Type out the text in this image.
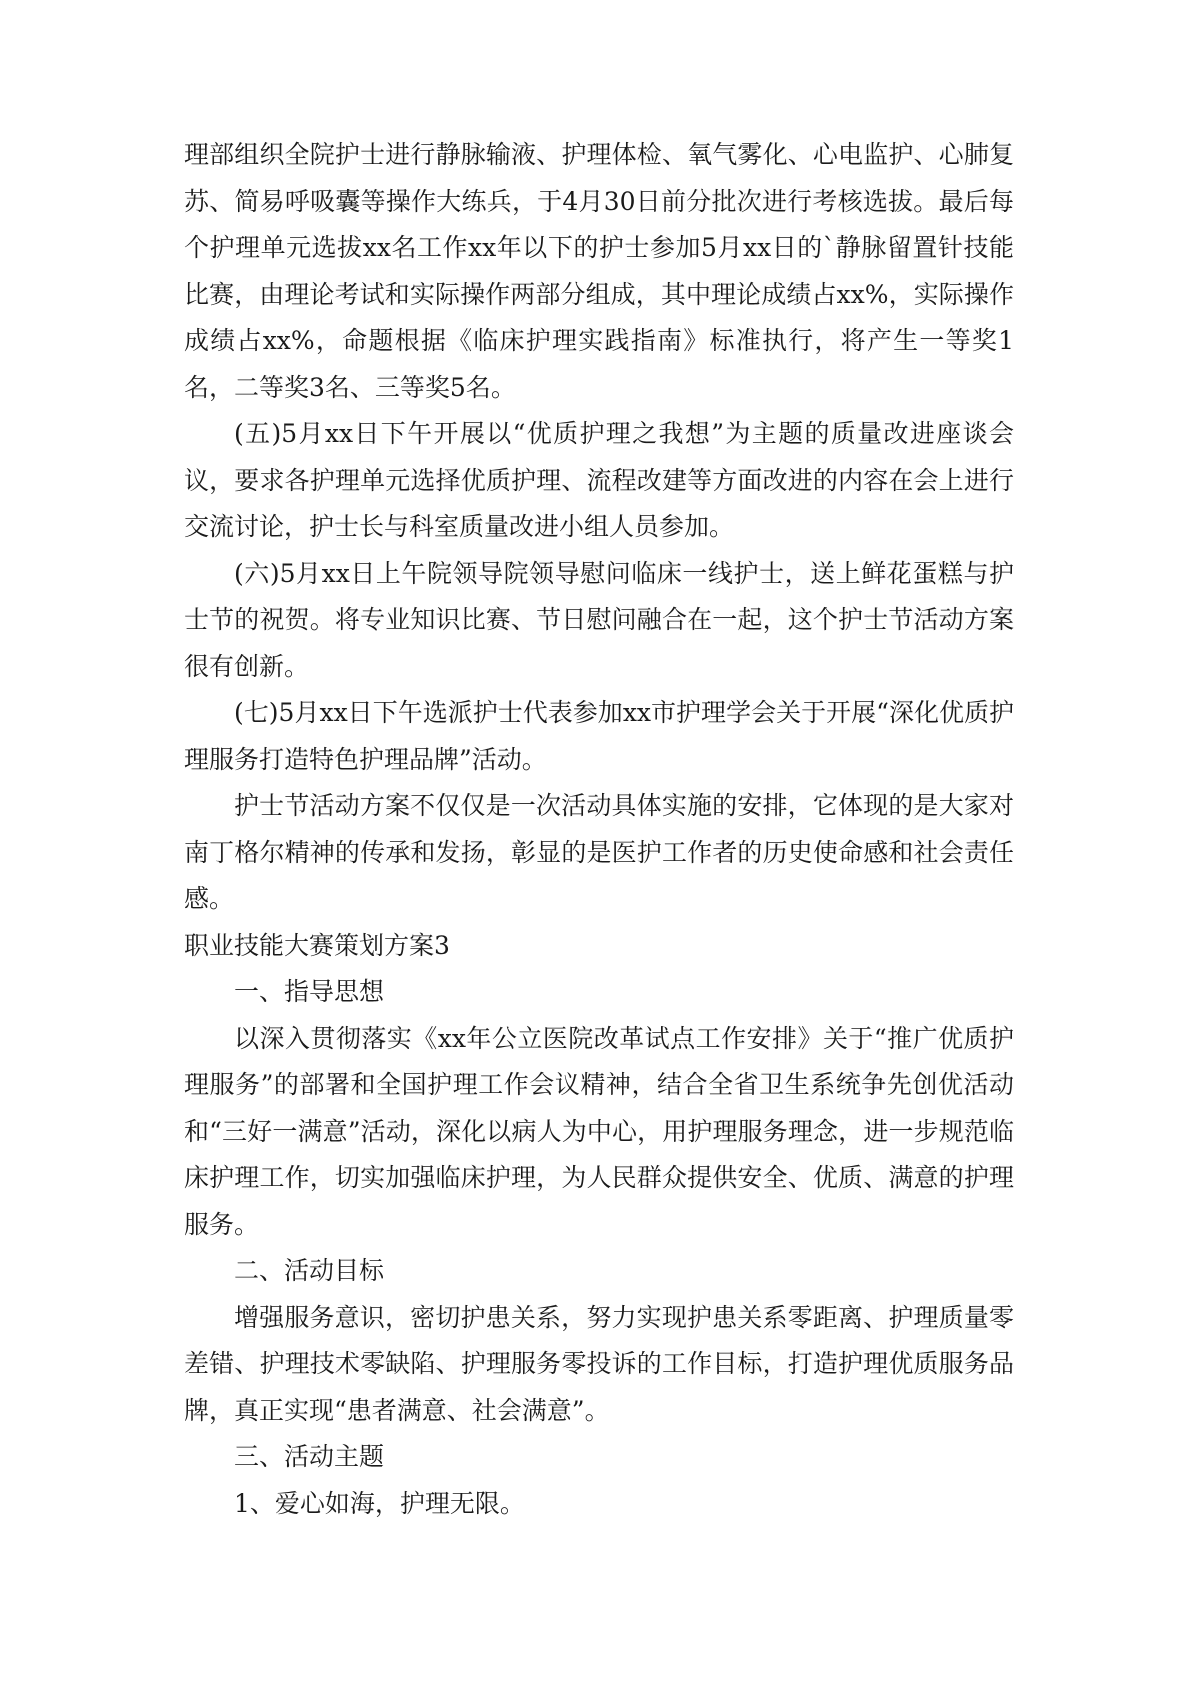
理部组织全院护士进行静脉输液、护理体检、氧气雾化、心电监护、心肺复苏、简易呼吸囊等操作大练兵，于4月30日前分批次进行考核选拔。最后每个护理单元选拔xx名工作xx年以下的护士参加5月xx日的`静脉留置针技能比赛，由理论考试和实际操作两部分组成，其中理论成绩占xx%，实际操作成绩占xx%，命题根据《临床护理实践指南》标准执行，将产生一等奖1名，二等奖3名、三等奖5名。

(五)5月xx日下午开展以“优质护理之我想”为主题的质量改进座谈会议，要求各护理单元选择优质护理、流程改建等方面改进的内容在会上进行交流讨论，护士长与科室质量改进小组人员参加。

(六)5月xx日上午院领导院领导慰问临床一线护士，送上鲜花蛋糕与护士节的祝贺。将专业知识比赛、节日慰问融合在一起，这个护士节活动方案很有创新。

(七)5月xx日下午选派护士代表参加xx市护理学会关于开展“深化优质护理服务打造特色护理品牌”活动。

护士节活动方案不仅仅是一次活动具体实施的安排，它体现的是大家对南丁格尔精神的传承和发扬，彰显的是医护工作者的历史使命感和社会责任感。

职业技能大赛策划方案3

一、指导思想

以深入贯彻落实《xx年公立医院改革试点工作安排》关于“推广优质护理服务”的部署和全国护理工作会议精神，结合全省卫生系统争先创优活动和“三好一满意”活动，深化以病人为中心，用护理服务理念，进一步规范临床护理工作，切实加强临床护理，为人民群众提供安全、优质、满意的护理服务。

二、活动目标

增强服务意识，密切护患关系，努力实现护患关系零距离、护理质量零差错、护理技术零缺陷、护理服务零投诉的工作目标，打造护理优质服务品牌，真正实现“患者满意、社会满意”。

三、活动主题

1、爱心如海，护理无限。
